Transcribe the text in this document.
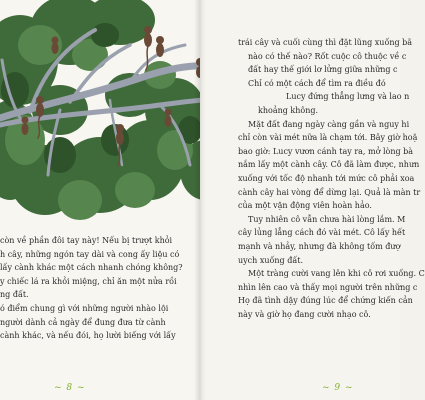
còn về phần đôi tay này! Nếu bị trượt khỏi
h cây, những ngón tay dài và cong ấy liệu có
lấy cành khác một cách nhanh chóng không?
y chiếc lá ra khỏi miệng, chỉ ăn một nửa rồi
ng đất.
ó điểm chung gì với những người nhào lội
người dành cả ngày để đung đưa từ cành
cành khác, và nếu đói, họ lười biếng với lấy
~ 8 ~	~ 9 ~
trái cây và cuối cùng thì đặt lũng xuống bã
nào có thế nào? Rốt cuộc cô thuộc về c
đất hay thế giới lơ lửng giữa những c
Chỉ có một cách để tìm ra điều đó
Lucy đứng thẳng lưng và lao n
khoảng không.
Mặt đất đang ngày càng gần và nguy hi
chỉ còn vài mét nữa là chạm tới. Bây giờ hoặ
bao giờ: Lucy vươn cánh tay ra, mở lòng bà
nắm lấy một cành cây. Cô đã làm được, nhưn
xuống với tốc độ nhanh tới mức cô phải xoa
cành cây hai vòng để dừng lại. Quả là màn tr
của một vận động viên hoàn hảo.
Tuy nhiên cô vẫn chưa hài lòng lắm. M
cây lủng lẳng cách đó vài mét. Cô lấy hết
mạnh và nhảy, nhưng đà không tốm đượ
uych xuống đất.
Một tràng cười vang lên khi cô rơi xuống. C
nhìn lên cao và thấy mọi người trên những c
Họ đã tình dậy đúng lúc để chứng kiến cản
này và giờ họ đang cười nhạo cô.
